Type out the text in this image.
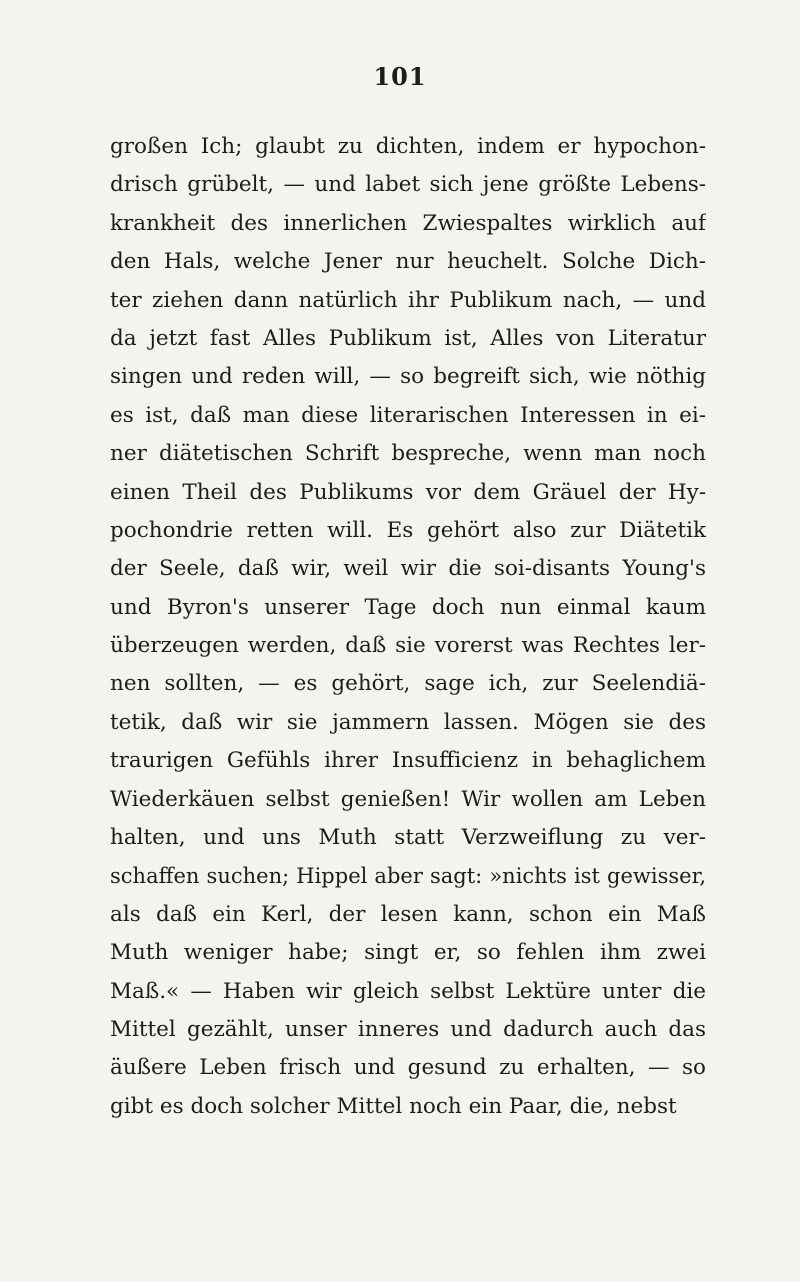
101
großen Ich; glaubt zu dichten, indem er hypochon-
drisch grübelt, — und labet sich jene größte Lebens-
krankheit des innerlichen Zwiespaltes wirklich auf
den Hals, welche Jener nur heuchelt. Solche Dich-
ter ziehen dann natürlich ihr Publikum nach, — und
da jetzt fast Alles Publikum ist, Alles von Literatur
singen und reden will, — so begreift sich, wie nöthig
es ist, daß man diese literarischen Interessen in ei-
ner diätetischen Schrift bespreche, wenn man noch
einen Theil des Publikums vor dem Gräuel der Hy-
pochondrie retten will. Es gehört also zur Diätetik
der Seele, daß wir, weil wir die soi-disants Young's
und Byron's unserer Tage doch nun einmal kaum
überzeugen werden, daß sie vorerst was Rechtes ler-
nen sollten, — es gehört, sage ich, zur Seelendiä-
tetik, daß wir sie jammern lassen. Mögen sie des
traurigen Gefühls ihrer Insufficienz in behaglichem
Wiederkäuen selbst genießen! Wir wollen am Leben
halten, und uns Muth statt Verzweiflung zu ver-
schaffen suchen; Hippel aber sagt: »nichts ist gewisser,
als daß ein Kerl, der lesen kann, schon ein Maß
Muth weniger habe; singt er, so fehlen ihm zwei
Maß.« — Haben wir gleich selbst Lektüre unter die
Mittel gezählt, unser inneres und dadurch auch das
äußere Leben frisch und gesund zu erhalten, — so
gibt es doch solcher Mittel noch ein Paar, die, nebst
